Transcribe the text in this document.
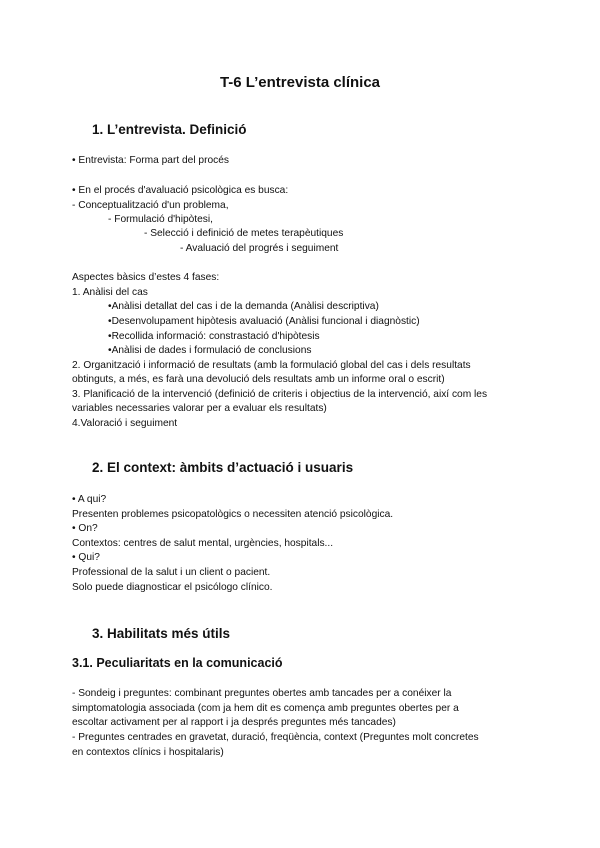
T-6 L’entrevista clínica
1. L’entrevista. Definició
• Entrevista: Forma part del procés
• En el procés d'avaluació psicològica es busca:
- Conceptualització d'un problema,
- Formulació d'hipòtesi,
- Selecció i definició de metes terapèutiques
- Avaluació del progrés i seguiment
Aspectes bàsics d’estes 4 fases:
1. Anàlisi del cas
•Anàlisi detallat del cas i de la demanda (Anàlisi descriptiva)
•Desenvolupament hipòtesis avaluació (Anàlisi funcional i diagnòstic)
•Recollida informació: constrastació d'hipòtesis
•Anàlisi de dades i formulació de conclusions
2. Organització i informació de resultats (amb la formulació global del cas i dels resultats
obtinguts, a més, es farà una devolució dels resultats amb un informe oral o escrit)
3. Planificació de la intervenció (definició de criteris i objectius de la intervenció, així com les
variables necessaries valorar per a evaluar els resultats)
4.Valoració i seguiment
2. El context: àmbits d’actuació i usuaris
• A qui?
Presenten problemes psicopatològics o necessiten atenció psicològica.
• On?
Contextos: centres de salut mental, urgències, hospitals...
• Qui?
Professional de la salut i un client o pacient.
Solo puede diagnosticar el psicólogo clínico.
3. Habilitats més útils
3.1. Peculiaritats en la comunicació
- Sondeig i preguntes: combinant preguntes obertes amb tancades per a conéixer la
simptomatologia associada (com ja hem dit es comença amb preguntes obertes per a
escoltar activament per al rapport i ja després preguntes més tancades)
- Preguntes centrades en gravetat, duració, freqüència, context (Preguntes molt concretes
en contextos clínics i hospitalaris)
